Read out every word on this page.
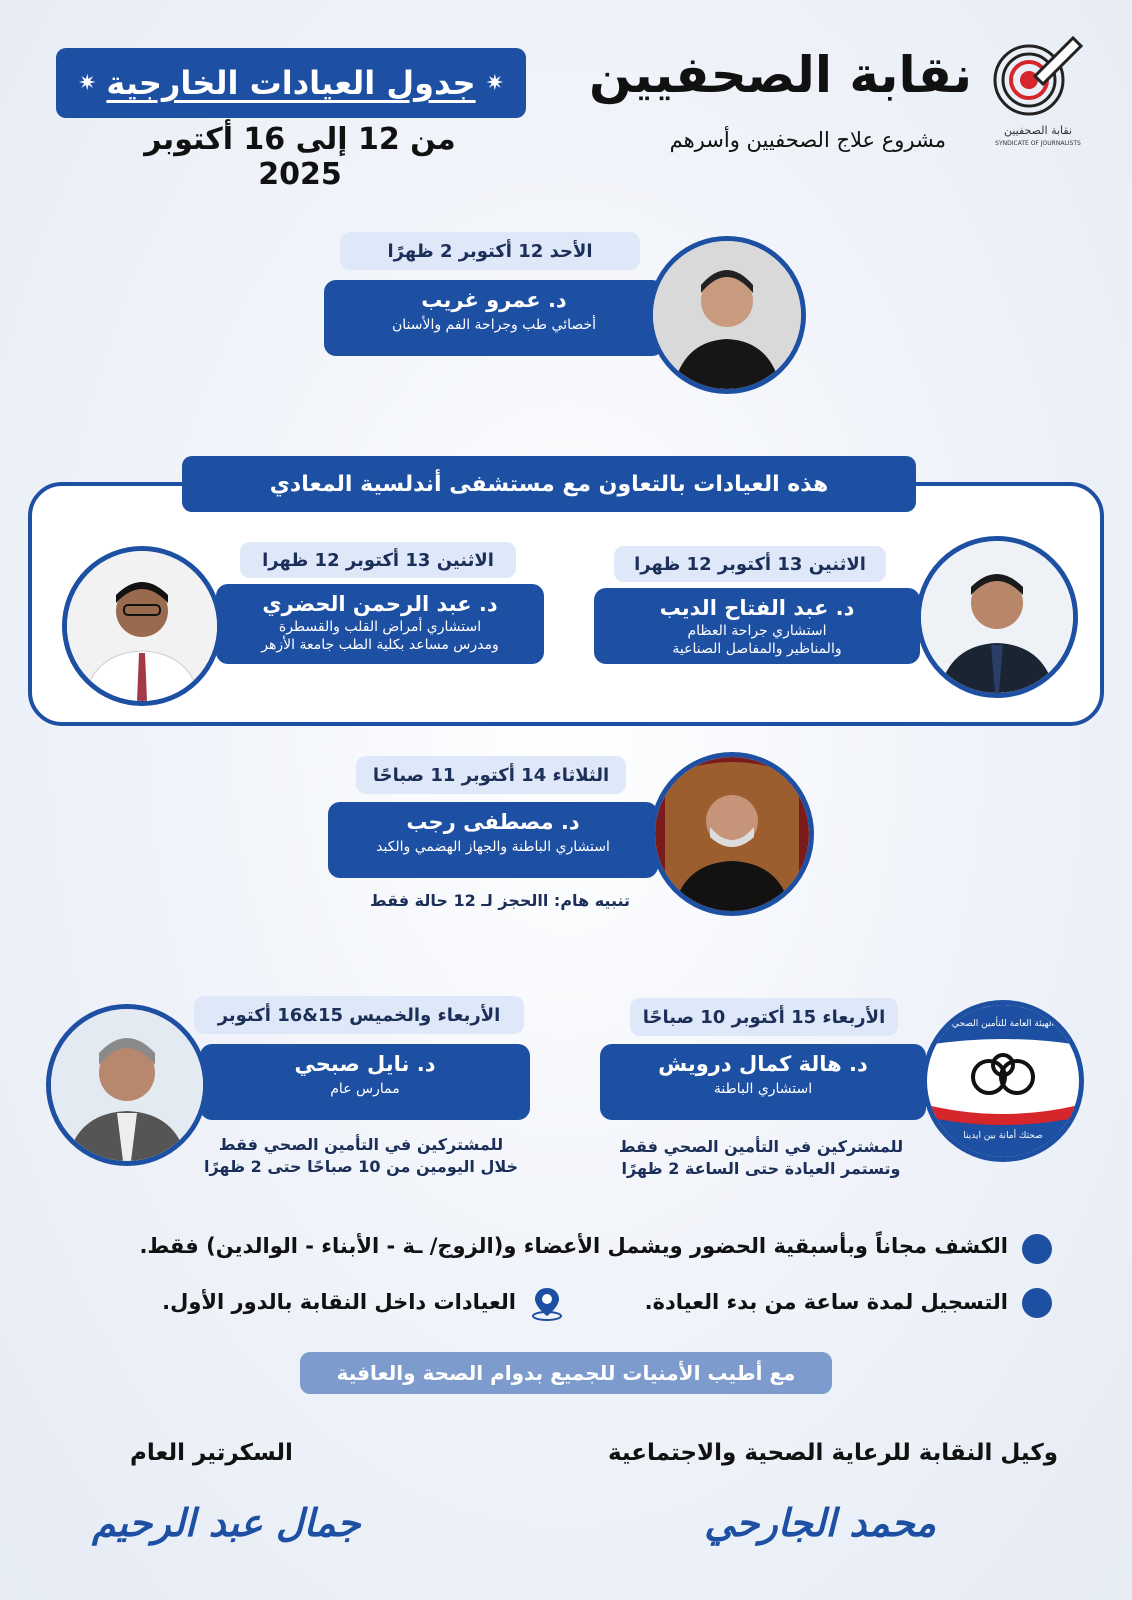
نقابة الصحفيين
SYNDICATE OF JOURNALISTS
نقابة الصحفيين
مشروع علاج الصحفيين وأسرهم
✷ جدول العيادات الخارجية ✷
من 12 إلى 16 أكتوبر 2025
الأحد 12 أكتوبر 2 ظهرًا
د. عمرو غريب
أخصائي طب وجراحة الفم والأسنان
هذه العيادات بالتعاون مع مستشفى أندلسية المعادي
الاثنين 13 أكتوبر 12 ظهرا
د. عبد الفتاح الديب
استشاري جراحة العظام
والمناظير والمفاصل الصناعية
الاثنين 13 أكتوبر 12 ظهرا
د. عبد الرحمن الحضري
استشاري أمراض القلب والقسطرة
ومدرس مساعد بكلية الطب جامعة الأزهر
الثلاثاء 14 أكتوبر 11 صباحًا
د. مصطفى رجب
استشاري الباطنة والجهاز الهضمي والكبد
تنبيه هام: االحجز لـ 12 حالة فقط
الأربعاء 15 أكتوبر 10 صباحًا
د. هالة كمال درويش
استشاري الباطنة
الهيئة العامة للتأمين الصحي
صحتك أمانة بين ايدينا
للمشتركين في التأمين الصحي فقط
وتستمر العيادة حتى الساعة 2 ظهرًا
الأربعاء والخميس 15&16 أكتوبر
د. نايل صبحي
ممارس عام
للمشتركين في التأمين الصحي فقط
خلال اليومين من 10 صباحًا حتى 2 ظهرًا
الكشف مجاناً وبأسبقية الحضور ويشمل الأعضاء و(الزوج/ ـة - الأبناء - الوالدين) فقط.
التسجيل لمدة ساعة من بدء العيادة.
العيادات داخل النقابة بالدور الأول.
مع أطيب الأمنيات للجميع بدوام الصحة والعافية
وكيل النقابة للرعاية الصحية والاجتماعية
محمد الجارحي
السكرتير العام
جمال عبد الرحيم
